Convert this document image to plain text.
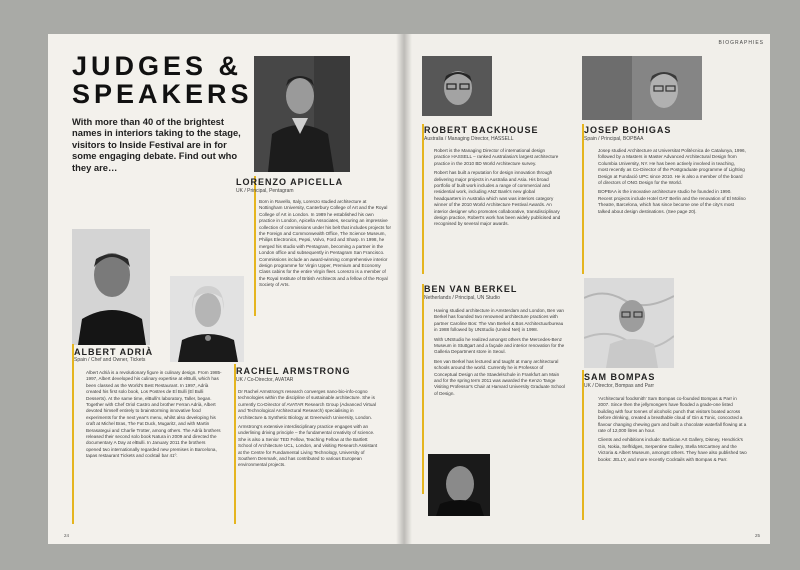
JUDGES & SPEAKERS

With more than 40 of the brightest names in interiors taking to the stage, visitors to Inside Festival are in for some engaging debate. Find out who they are…

LORENZO APICELLA

UK / Principal, Pentagram

Born in Ravello, Italy, Lorenzo studied architecture at Nottingham University, Canterbury College of Art and the Royal College of Art in London. In 1989 he established his own practice in London, Apicella Associates, securing an impressive collection of commissions under his belt that includes projects for the Foreign and Commonwealth Office, The Science Museum, Philips Electronics, Pepsi, Volvo, Ford and Sharp. In 1998, he merged his studio with Pentagram, becoming a partner in the London office and subsequently in Pentagram San Francisco. Commissions include an award-winning comprehensive interior design programme for Virgin Upper, Premium and Economy Class cabins for the entire Virgin fleet. Lorenzo is a member of the Royal Institute of British Architects and a fellow of the Royal Society of Arts.

ALBERT ADRIÀ

Spain / Chef and Owner, Tickets

Albert Adrià is a revolutionary figure in culinary design. From 1985-1997, Albert developed his culinary expertise at elBulli, which has been classed as the World's Best Restaurant. In 1997, Adrià created his first solo book, Los Postres de El Bulli (El Bulli Desserts). At the same time, elBulli's laboratory, Taller, began. Together with Chef Oriol Castro and brother Ferran Adrià, Albert devoted himself entirely to brainstorming innovative food experiments for the next year's menu, whilst also developing his craft at Michel Bras, The Fat Duck, Mugaritz, and with Martin Berasategui and Charlie Trotter, among others. The Adrià brothers released their second solo book Natura in 2009 and directed the documentary A Day at elBulli. In January 2011 the brothers opened two internationally regarded new premises in Barcelona, tapas restaurant Tickets and cocktail bar 41º.

RACHEL ARMSTRONG

UK / Co-Director, AVATAR

Dr Rachel Armstrong's research converges nano-bio-info-cogno technologies within the discipline of sustainable architecture. She is currently Co-Director of AVATAR Research Group (Advanced Virtual and Technological Architectural Research) specialising in Architecture & Synthetic Biology at Greenwich University, London.

Armstrong's extensive interdisciplinary practice engages with an underlining driving principle – the fundamental creativity of science. She is also a Senior TED Fellow, Teaching Fellow at the Bartlett School of Architecture UCL, London, and visiting Research Assistant at the Centre for Fundamental Living Technology, University of Southern Denmark, and has contributed to various European environmental projects.

24
BIOGRAPHIES
ROBERT BACKHOUSE

Australia / Managing Director, HASSELL

Robert is the Managing Director of international design practice HASSELL – ranked Australasia's largest architecture practice in the 2010 BD World Architecture survey.

Robert has built a reputation for design innovation through delivering major projects in Australia and Asia. His broad portfolio of built work includes a range of commercial and residential work, including ANZ Bank's new global headquarters in Australia which was was interiors category winner of the 2010 World Architecture Festival Awards. An interior designer who promotes collaborative, transdisciplinary design practice, Robert's work has been widely publicised and recognised by several major awards.

JOSEP BOHIGAS

Spain / Principal, BOPBAA

Josep studied Architecture at Universitat Politècnica de Catalunya, 1996, followed by a Masters in Master Advanced Architectural Design from Columbia University, NY. He has been actively involved in teaching, most recently as Co-Director of the Postgraduate programme of Lighting Design at Fundació UPC since 2010. He is also a member of the board of directors of ONG Design for the World.

BOPBAA is the innovative architecture studio he founded in 1990. Recent projects include Hotel GAT Berlin and the renovation of El Molino Theatre, Barcelona, which has since become one of the city's most talked about design destinations. (See page 20).

BEN VAN BERKEL

Netherlands / Principal, UN Studio

Having studied architecture in Amsterdam and London, Ben van Berkel has founded two renowned architecture practices with partner Caroline Bos: The Van Berkel & Bos Architectuurbureau in 1988 followed by UNStudio (United Net) in 1998.

With UNStudio he realized amongst others the Mercedes-Benz Museum in Stuttgart and a façade and interior renovation for the Galleria Department store in Seoul.

Ben van Berkel has lectured and taught at many architectural schools around the world. Currently he is Professor of Conceptual Design at the Staedelschule in Frankfurt am Main and for the spring term 2011 was awarded the Kenzo Tange Visiting Professor's Chair at Harvard University Graduate School of Design.

SAM BOMPAS

UK / Director, Bompas and Parr

'Architectural foodsmith' Sam Bompas co-founded Bompas & Parr in 2007. Since then the jellymongers have flooded a grade-one listed building with four tonnes of alcoholic punch that visitors boated across before drinking, created a breathable cloud of Gin & Tonic, concocted a flavour changing chewing gum and built a chocolate waterfall flowing at a rate of 12,000 litres an hour.

Clients and exhibitions include: Barbican Art Gallery, Disney, Hendrick's Gin, Nokia, Selfridges, Serpentine Gallery, Stella McCartney and the Victoria & Albert Museum, amongst others. They have also published two books: JELLY, and more recently Cocktails with Bompas & Parr.

25
